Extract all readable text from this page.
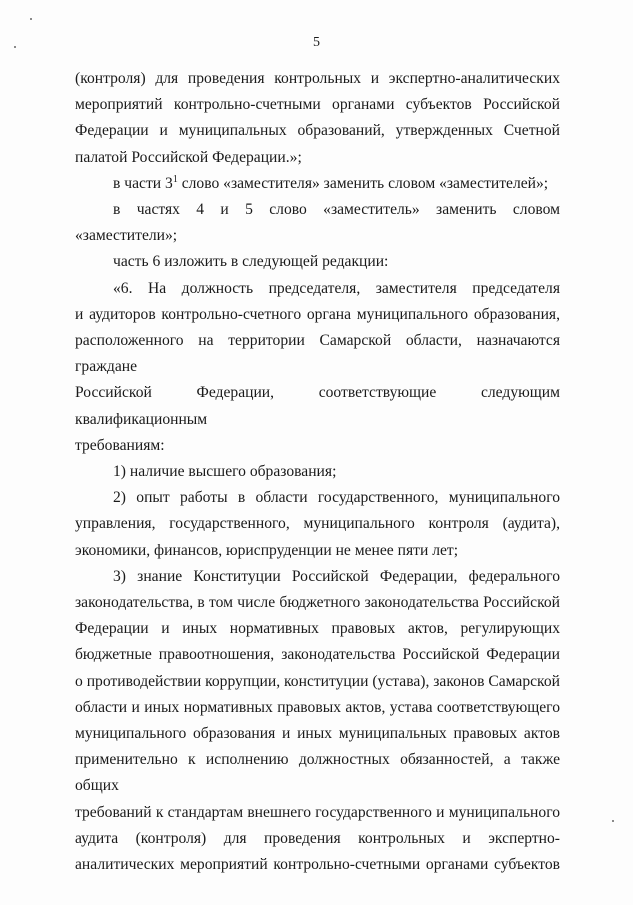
5

(контроля) для проведения контрольных и экспертно-аналитических

мероприятий контрольно-счетными органами субъектов Российской

Федерации и муниципальных образований, утвержденных Счетной

палатой Российской Федерации.»;

в части $3^1$ слово «заместителя» заменить словом «заместителей»;

в частях 4 и 5 слово «заместитель» заменить словом «заместители»;

часть 6 изложить в следующей редакции:

«6. На должность председателя, заместителя председателя

и аудиторов контрольно-счетного органа муниципального образования,

расположенного на территории Самарской области, назначаются граждане

Российской Федерации, соответствующие следующим квалификационным

требованиям:

1) наличие высшего образования;

2) опыт работы в области государственного, муниципального

управления, государственного, муниципального контроля (аудита),

экономики, финансов, юриспруденции не менее пяти лет;

3) знание Конституции Российской Федерации, федерального

законодательства, в том числе бюджетного законодательства Российской

Федерации и иных нормативных правовых актов, регулирующих

бюджетные правоотношения, законодательства Российской Федерации

о противодействии коррупции, конституции (устава), законов Самарской

области и иных нормативных правовых актов, устава соответствующего

муниципального образования и иных муниципальных правовых актов

применительно к исполнению должностных обязанностей, а также общих

требований к стандартам внешнего государственного и муниципального

аудита (контроля) для проведения контрольных и экспертно-

аналитических мероприятий контрольно-счетными органами субъектов
